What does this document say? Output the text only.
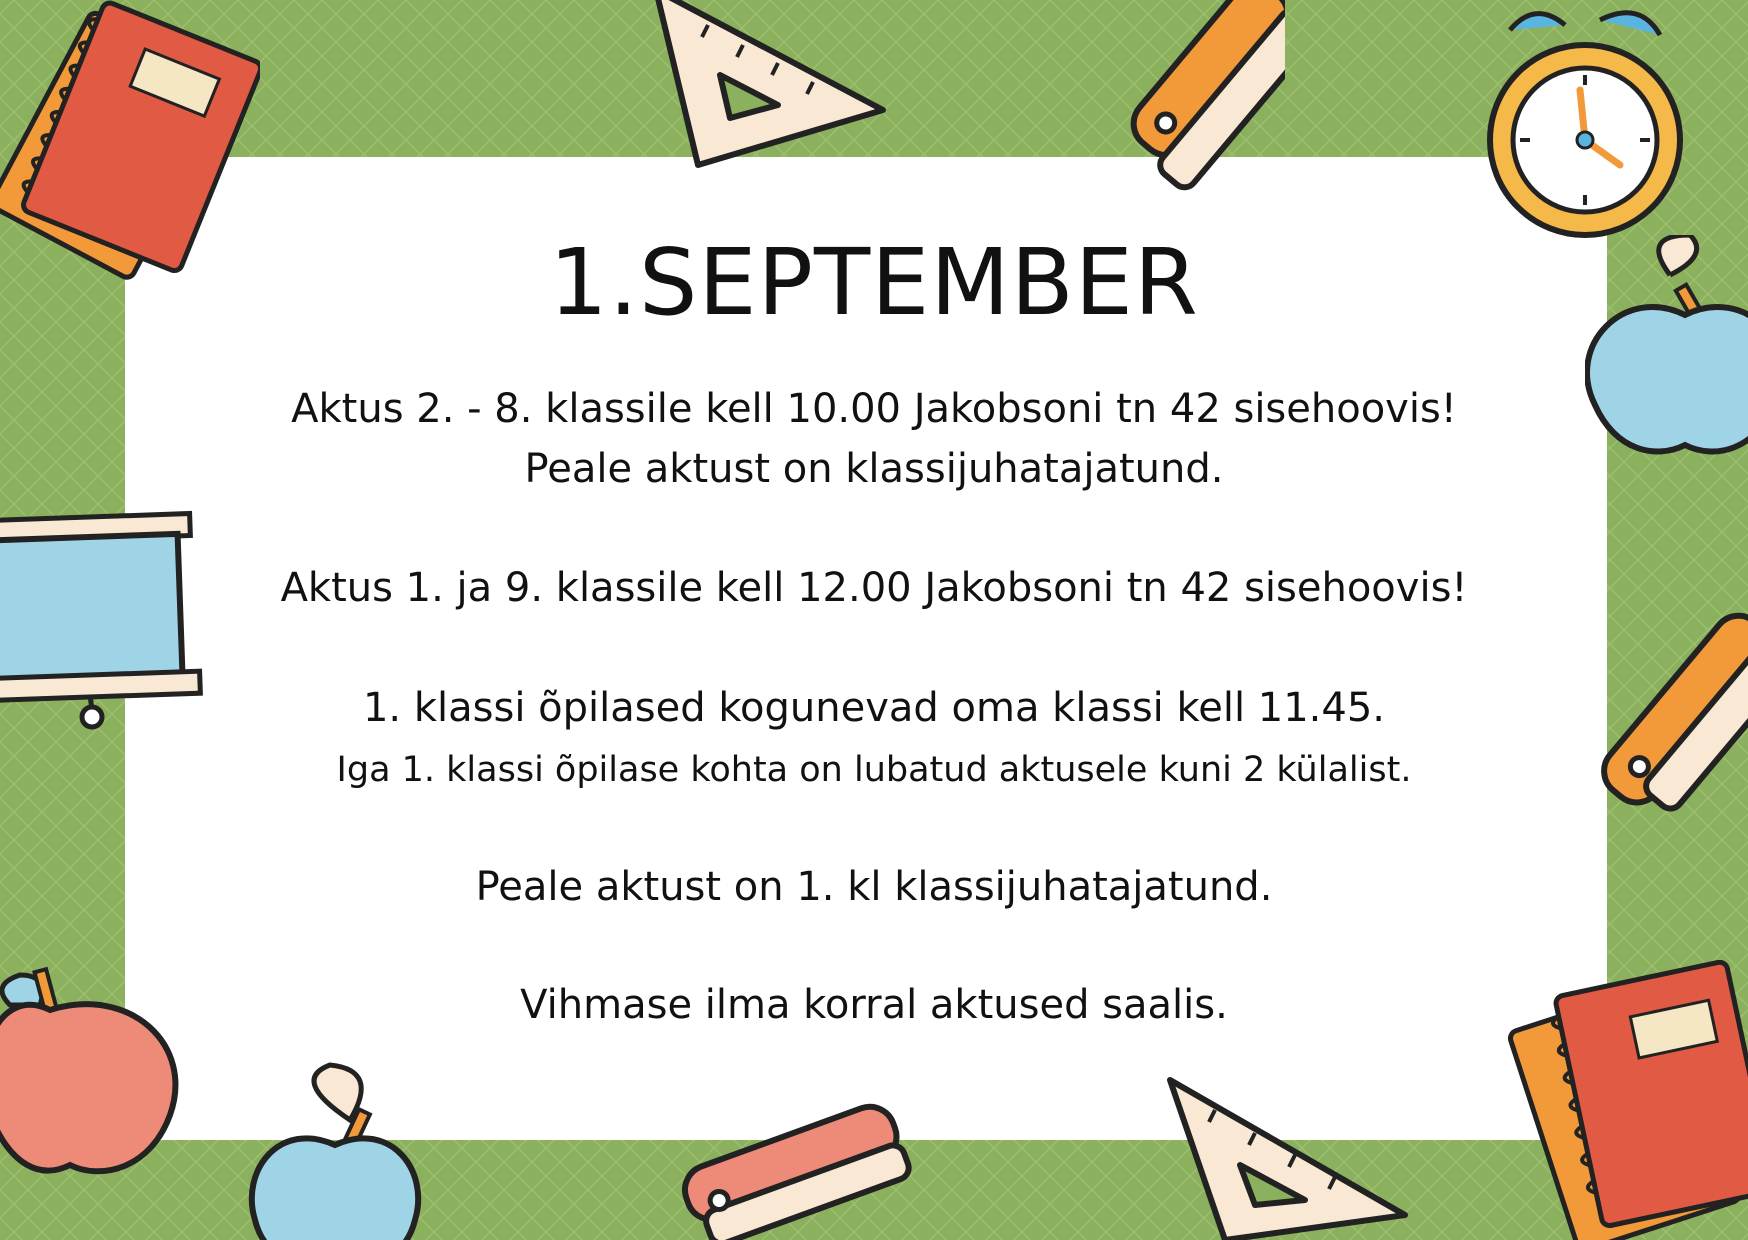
1.SEPTEMBER
Aktus 2. - 8. klassile kell 10.00 Jakobsoni tn 42 sisehoovis!
Peale aktust on klassijuhatajatund.
Aktus 1. ja 9. klassile kell 12.00 Jakobsoni tn 42 sisehoovis!
1. klassi õpilased kogunevad oma klassi kell 11.45.
Iga 1. klassi õpilase kohta on lubatud aktusele kuni 2 külalist.
Peale aktust on 1. kl klassijuhatajatund.
Vihmase ilma korral aktused saalis.
